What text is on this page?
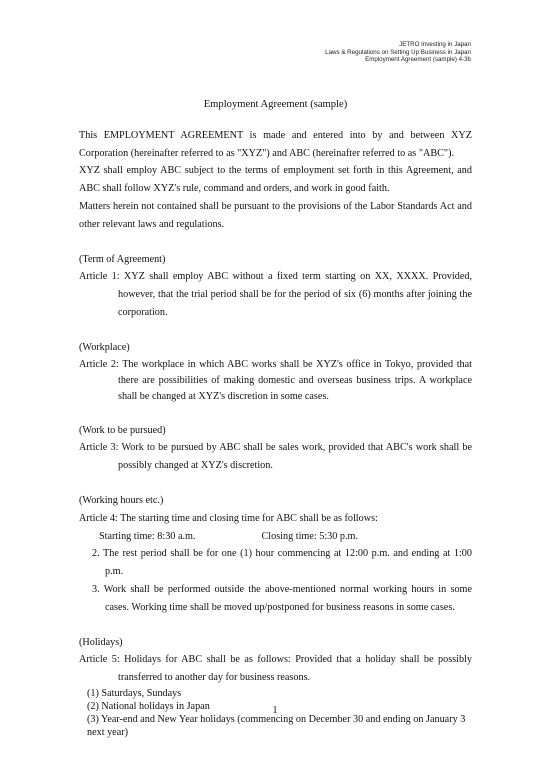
JETRO Investing in Japan
Laws & Regulations on Setting Up Business in Japan
Employment Agreement (sample) 4-3b
Employment Agreement (sample)

This EMPLOYMENT AGREEMENT is made and entered into by and between XYZ Corporation (hereinafter referred to as "XYZ") and ABC (hereinafter referred to as "ABC").

XYZ shall employ ABC subject to the terms of employment set forth in this Agreement, and ABC shall follow XYZ's rule, command and orders, and work in good faith.

Matters herein not contained shall be pursuant to the provisions of the Labor Standards Act and other relevant laws and regulations.

(Term of Agreement)

Article 1: XYZ shall employ ABC without a fixed term starting on XX, XXXX. Provided, however, that the trial period shall be for the period of six (6) months after joining the corporation.

(Workplace)

Article 2: The workplace in which ABC works shall be XYZ's office in Tokyo, provided that there are possibilities of making domestic and overseas business trips. A workplace shall be changed at XYZ's discretion in some cases.

(Work to be pursued)

Article 3: Work to be pursued by ABC shall be sales work, provided that ABC's work shall be possibly changed at XYZ's discretion.

(Working hours etc.)

Article 4: The starting time and closing time for ABC shall be as follows:

Starting time: 8:30 a.m.	Closing time: 5:30 p.m.

2. The rest period shall be for one (1) hour commencing at 12:00 p.m. and ending at 1:00 p.m.

3. Work shall be performed outside the above-mentioned normal working hours in some cases. Working time shall be moved up/postponed for business reasons in some cases.

(Holidays)

Article 5: Holidays for ABC shall be as follows: Provided that a holiday shall be possibly transferred to another day for business reasons.

(1) Saturdays, Sundays

(2) National holidays in Japan

(3) Year-end and New Year holidays (commencing on December 30 and ending on January 3 next year)

1
